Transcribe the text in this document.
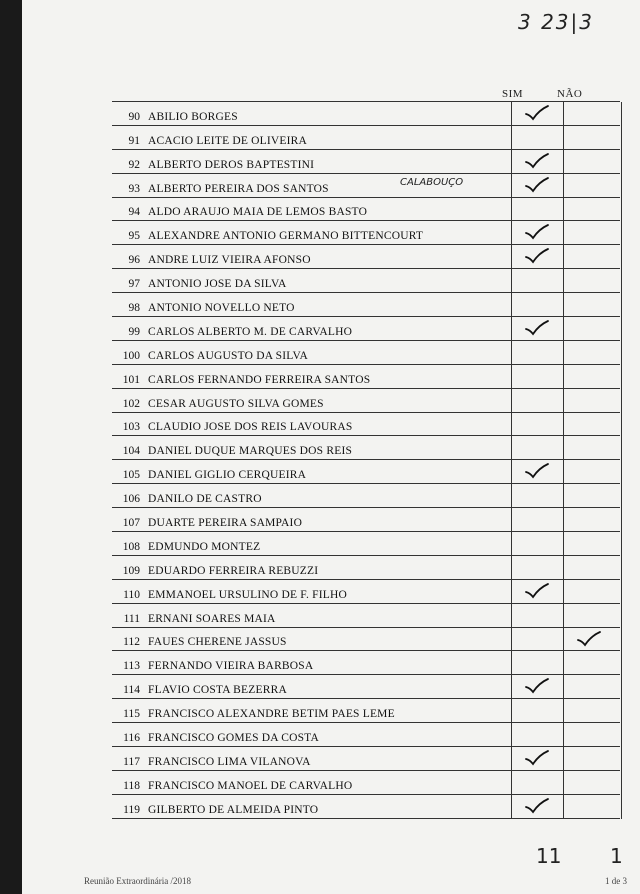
3 23|3
SIM	NÃO
90 ABILIO BORGES
91 ACACIO LEITE DE OLIVEIRA
92 ALBERTO DEROS BAPTESTINI
93 ALBERTO PEREIRA DOS SANTOS
CALABOUÇO
94 ALDO ARAUJO MAIA DE LEMOS BASTO
95 ALEXANDRE ANTONIO GERMANO BITTENCOURT
96 ANDRE LUIZ VIEIRA AFONSO
97 ANTONIO JOSE DA SILVA
98 ANTONIO NOVELLO NETO
99 CARLOS ALBERTO M. DE CARVALHO
100 CARLOS AUGUSTO DA SILVA
101 CARLOS FERNANDO FERREIRA SANTOS
102 CESAR AUGUSTO SILVA GOMES
103 CLAUDIO JOSE DOS REIS LAVOURAS
104 DANIEL DUQUE MARQUES DOS REIS
105 DANIEL GIGLIO CERQUEIRA
106 DANILO DE CASTRO
107 DUARTE PEREIRA SAMPAIO
108 EDMUNDO MONTEZ
109 EDUARDO FERREIRA REBUZZI
110 EMMANOEL URSULINO DE F. FILHO
111 ERNANI SOARES MAIA
112 FAUES CHERENE JASSUS
113 FERNANDO VIEIRA BARBOSA
114 FLAVIO COSTA BEZERRA
115 FRANCISCO ALEXANDRE BETIM PAES LEME
116 FRANCISCO GOMES DA COSTA
117 FRANCISCO LIMA VILANOVA
118 FRANCISCO MANOEL DE CARVALHO
119 GILBERTO DE ALMEIDA PINTO
11 1
Reunião Extraordinária /2018	1 de 3
